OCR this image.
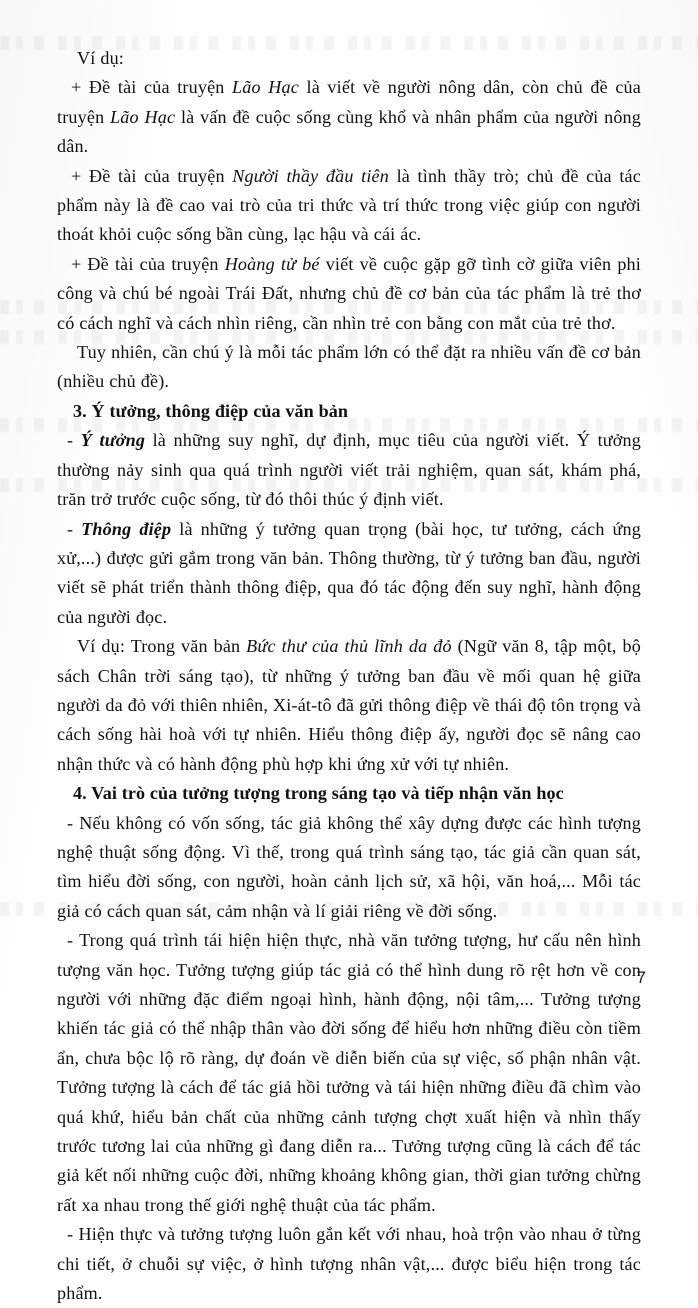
Ví dụ:

+ Đề tài của truyện Lão Hạc là viết về người nông dân, còn chủ đề của truyện Lão Hạc là vấn đề cuộc sống cùng khổ và nhân phẩm của người nông dân.

+ Đề tài của truyện Người thầy đầu tiên là tình thầy trò; chủ đề của tác phẩm này là đề cao vai trò của tri thức và trí thức trong việc giúp con người thoát khỏi cuộc sống bần cùng, lạc hậu và cái ác.

+ Đề tài của truyện Hoàng tử bé viết về cuộc gặp gỡ tình cờ giữa viên phi công và chú bé ngoài Trái Đất, nhưng chủ đề cơ bản của tác phẩm là trẻ thơ có cách nghĩ và cách nhìn riêng, cần nhìn trẻ con bằng con mắt của trẻ thơ.

Tuy nhiên, cần chú ý là mỗi tác phẩm lớn có thể đặt ra nhiều vấn đề cơ bản (nhiều chủ đề).

3. Ý tưởng, thông điệp của văn bản

- Ý tưởng là những suy nghĩ, dự định, mục tiêu của người viết. Ý tưởng thường nảy sinh qua quá trình người viết trải nghiệm, quan sát, khám phá, trăn trở trước cuộc sống, từ đó thôi thúc ý định viết.

- Thông điệp là những ý tưởng quan trọng (bài học, tư tưởng, cách ứng xử,...) được gửi gắm trong văn bản. Thông thường, từ ý tưởng ban đầu, người viết sẽ phát triển thành thông điệp, qua đó tác động đến suy nghĩ, hành động của người đọc.

Ví dụ: Trong văn bản Bức thư của thủ lĩnh da đỏ (Ngữ văn 8, tập một, bộ sách Chân trời sáng tạo), từ những ý tưởng ban đầu về mối quan hệ giữa người da đỏ với thiên nhiên, Xi-át-tô đã gửi thông điệp về thái độ tôn trọng và cách sống hài hoà với tự nhiên. Hiểu thông điệp ấy, người đọc sẽ nâng cao nhận thức và có hành động phù hợp khi ứng xử với tự nhiên.

4. Vai trò của tưởng tượng trong sáng tạo và tiếp nhận văn học

- Nếu không có vốn sống, tác giả không thể xây dựng được các hình tượng nghệ thuật sống động. Vì thế, trong quá trình sáng tạo, tác giả cần quan sát, tìm hiểu đời sống, con người, hoàn cảnh lịch sử, xã hội, văn hoá,... Mỗi tác giả có cách quan sát, cảm nhận và lí giải riêng về đời sống.

- Trong quá trình tái hiện hiện thực, nhà văn tưởng tượng, hư cấu nên hình tượng văn học. Tưởng tượng giúp tác giả có thể hình dung rõ rệt hơn về con người với những đặc điểm ngoại hình, hành động, nội tâm,... Tưởng tượng khiến tác giả có thể nhập thân vào đời sống để hiểu hơn những điều còn tiềm ẩn, chưa bộc lộ rõ ràng, dự đoán về diễn biến của sự việc, số phận nhân vật. Tưởng tượng là cách để tác giả hồi tưởng và tái hiện những điều đã chìm vào quá khứ, hiểu bản chất của những cảnh tượng chợt xuất hiện và nhìn thấy trước tương lai của những gì đang diễn ra... Tưởng tượng cũng là cách để tác giả kết nối những cuộc đời, những khoảng không gian, thời gian tưởng chừng rất xa nhau trong thế giới nghệ thuật của tác phẩm.

- Hiện thực và tưởng tượng luôn gắn kết với nhau, hoà trộn vào nhau ở từng chi tiết, ở chuỗi sự việc, ở hình tượng nhân vật,... được biểu hiện trong tác phẩm.

7
